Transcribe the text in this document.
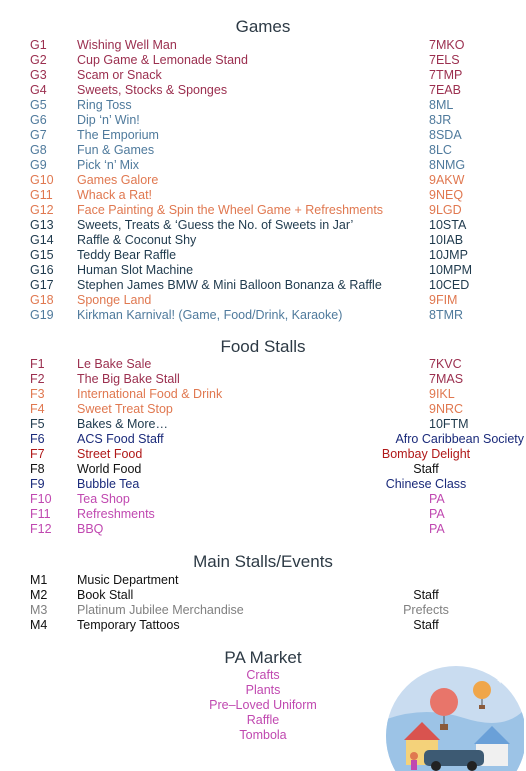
Games
G1 Wishing Well Man	7MKO
G2 Cup Game & Lemonade Stand	7ELS
G3 Scam or Snack	7TMP
G4 Sweets, Stocks & Sponges	7EAB
G5 Ring Toss	8ML
G6 Dip ‘n’ Win!	8JR
G7 The Emporium	8SDA
G8 Fun & Games	8LC
G9 Pick ‘n’ Mix	8NMG
G10 Games Galore	9AKW
G11 Whack a Rat!	9NEQ
G12 Face Painting & Spin the Wheel Game + Refreshments	9LGD
G13 Sweets, Treats & ‘Guess the No. of Sweets in Jar’	10STA
G14 Raffle & Coconut Shy	10IAB
G15 Teddy Bear Raffle	10JMP
G16 Human Slot Machine	10MPM
G17 Stephen James BMW & Mini Balloon Bonanza & Raffle	10CED
G18 Sponge Land	9FIM
G19 Kirkman Karnival! (Game, Food/Drink, Karaoke)	8TMR
Food Stalls
F1	Le Bake Sale	7KVC
F2	The Big Bake Stall	7MAS
F3	International Food & Drink	9IKL
F4	Sweet Treat Stop	9NRC
F5	Bakes & More…	10FTM
F6	ACS Food Staff	Afro Caribbean Society
F7	Street Food	Bombay Delight
F8	World Food	Staff
F9	Bubble Tea	Chinese Class
F10 Tea Shop	PA
F11 Refreshments	PA
F12 BBQ	PA
Main Stalls/Events
M1 Music Department
M2 Book Stall	Staff
M3 Platinum Jubilee Merchandise	Prefects
M4 Temporary Tattoos	Staff
PA Market
Crafts
Plants
Pre–Loved Uniform
Raffle
Tombola
✦
